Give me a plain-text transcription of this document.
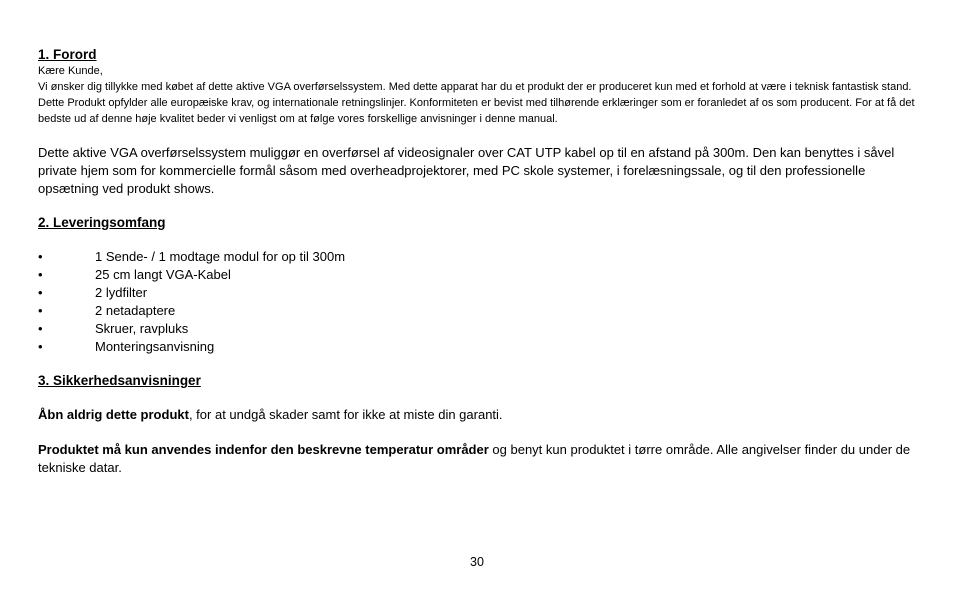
1. Forord

Kære Kunde,

Vi ønsker dig tillykke med købet af dette aktive VGA overførselssystem. Med dette apparat har du et produkt der er produceret kun med et forhold at være i teknisk fantastisk stand. Dette Produkt opfylder alle europæiske krav, og internationale retningslinjer. Konformiteten er bevist med tilhørende erklæringer som er foranledet af os som producent. For at få det bedste ud af denne høje kvalitet beder vi venligst om at følge vores forskellige anvisninger i denne manual.

Dette aktive VGA overførselssystem muliggør en overførsel af videosignaler over CAT UTP kabel op til en afstand på 300m. Den kan benyttes i såvel private hjem som for kommercielle formål såsom med overheadprojektorer, med PC skole systemer, i forelæsningssale, og til den professionelle opsætning ved produkt shows.

2. Leveringsomfang

•	1 Sende- / 1 modtage modul for op til 300m
•	25 cm langt VGA-Kabel
•	2 lydfilter
•	2 netadaptere
•	Skruer, ravpluks
•	Monteringsanvisning

3. Sikkerhedsanvisninger

Åbn aldrig dette produkt, for at undgå skader samt for ikke at miste din garanti.

Produktet må kun anvendes indenfor den beskrevne temperatur områder og benyt kun produktet i tørre område. Alle angivelser finder du under de tekniske datar.

30
